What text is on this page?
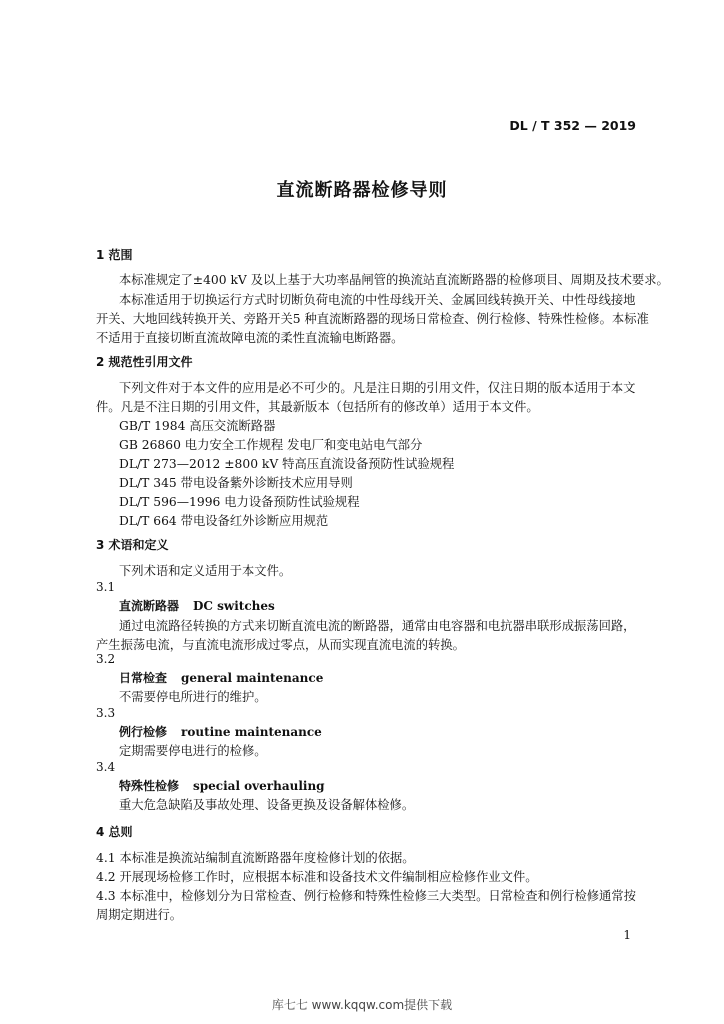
DL / T 352 — 2019
直流断路器检修导则
1 范围
本标准规定了±400 kV 及以上基于大功率晶闸管的换流站直流断路器的检修项目、周期及技术要求。
本标准适用于切换运行方式时切断负荷电流的中性母线开关、金属回线转换开关、中性母线接地
开关、大地回线转换开关、旁路开关5 种直流断路器的现场日常检查、例行检修、特殊性检修。本标准
不适用于直接切断直流故障电流的柔性直流输电断路器。
2 规范性引用文件
下列文件对于本文件的应用是必不可少的。凡是注日期的引用文件，仅注日期的版本适用于本文
件。凡是不注日期的引用文件，其最新版本（包括所有的修改单）适用于本文件。
GB/T 1984 高压交流断路器
GB 26860 电力安全工作规程 发电厂和变电站电气部分
DL/T 273—2012 ±800 kV 特高压直流设备预防性试验规程
DL/T 345 带电设备紫外诊断技术应用导则
DL/T 596—1996 电力设备预防性试验规程
DL/T 664 带电设备红外诊断应用规范
3 术语和定义
下列术语和定义适用于本文件。
3.1
直流断路器 DC switches
通过电流路径转换的方式来切断直流电流的断路器，通常由电容器和电抗器串联形成振荡回路，
产生振荡电流，与直流电流形成过零点，从而实现直流电流的转换。
3.2
日常检查 general maintenance
不需要停电所进行的维护。
3.3
例行检修 routine maintenance
定期需要停电进行的检修。
3.4
特殊性检修 special overhauling
重大危急缺陷及事故处理、设备更换及设备解体检修。
4 总则
4.1 本标准是换流站编制直流断路器年度检修计划的依据。
4.2 开展现场检修工作时，应根据本标准和设备技术文件编制相应检修作业文件。
4.3 本标准中，检修划分为日常检查、例行检修和特殊性检修三大类型。日常检查和例行检修通常按
周期定期进行。
1
库七七 www.kqqw.com提供下载
